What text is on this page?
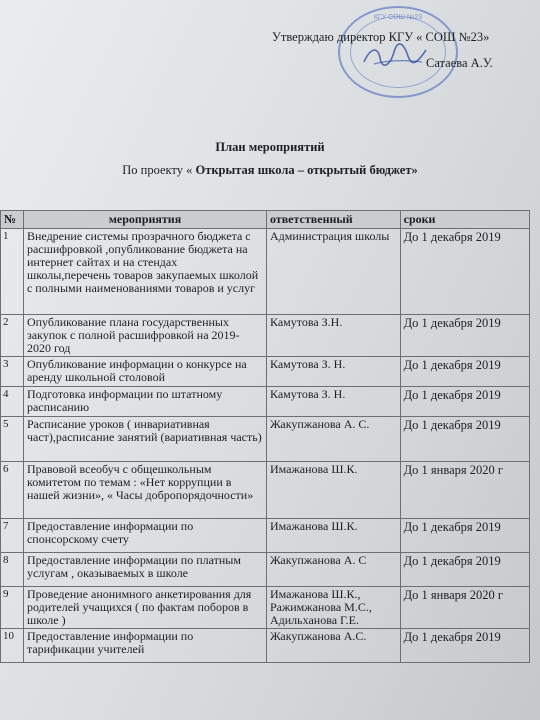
КГУ СОШ №23
Утверждаю директор КГУ « СОШ №23»
Сатаева А.У.
План мероприятий
По проекту « Открытая школа – открытый бюджет»
№	мероприятия	ответственный	сроки
1	Внедрение системы прозрачного бюджета с расшифровкой ,опубликование бюджета на интернет сайтах и на стендах школы,перечень товаров закупаемых школой с полными наименованиями товаров и услуг	Администрация школы	До 1 декабря 2019
2	Опубликование плана государственных закупок с полной расшифровкой на 2019-2020 год	Камутова З.Н.	До 1 декабря 2019
3	Опубликование информации о конкурсе на аренду школьной столовой	Камутова З. Н.	До 1 декабря 2019
4	Подготовка информации по штатному расписанию	Камутова З. Н.	До 1 декабря 2019
5	Расписание уроков ( инвариативная част),расписание занятий (вариативная часть)	Жакупжанова А. С.	До 1 декабря 2019
6	Правовой всеобуч с общешкольным комитетом по темам : «Нет коррупции в нашей жизни», « Часы добропорядочности»	Имажанова Ш.К.	До 1 января 2020 г
7	Предоставление информации по спонсорскому счету	Имажанова Ш.К.	До 1 декабря 2019
8	Предоставление информации по платным услугам , оказываемых в школе	Жакупжанова А. С	До 1 декабря 2019
9	Проведение анонимного анкетирования для родителей учащихся ( по фактам поборов в школе )	Имажанова Ш.К., Ражимжанова М.С., Адильханова Г.Е.	До 1 января 2020 г
10	Предоставление информации по тарификации учителей	Жакупжанова А.С.	До 1 декабря 2019
